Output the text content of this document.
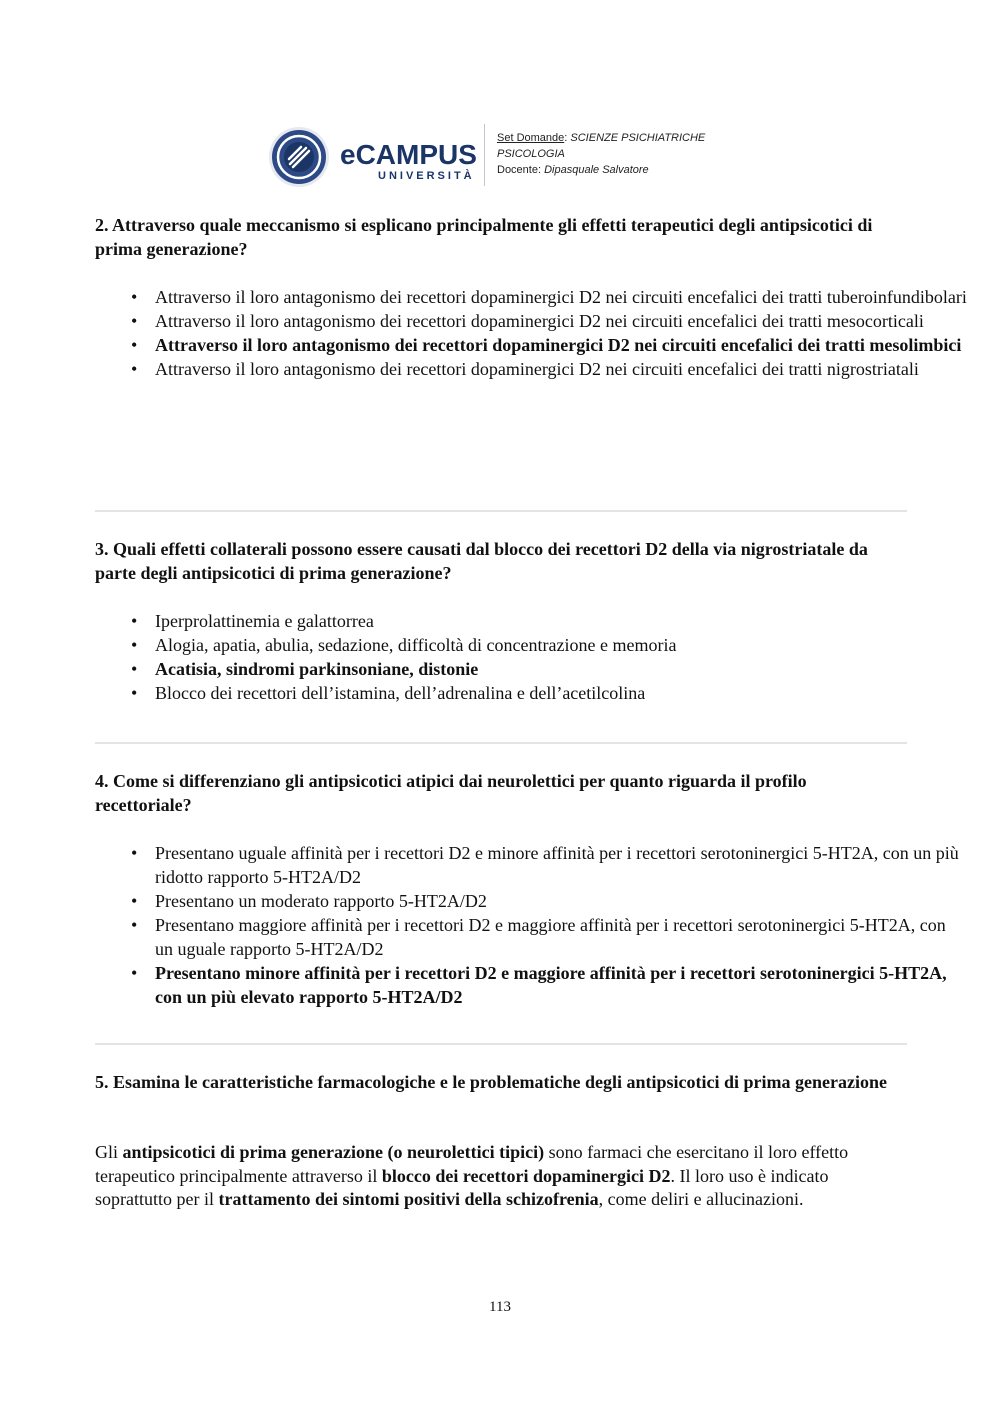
eCAMPUS
UNIVERSITÀ
Set Domande: SCIENZE PSICHIATRICHE
PSICOLOGIA
Docente: Dipasquale Salvatore

2. Attraverso quale meccanismo si esplicano principalmente gli effetti terapeutici degli antipsicotici di prima generazione?

• Attraverso il loro antagonismo dei recettori dopaminergici D2 nei circuiti encefalici dei tratti tuberoinfundibolari
• Attraverso il loro antagonismo dei recettori dopaminergici D2 nei circuiti encefalici dei tratti mesocorticali
• Attraverso il loro antagonismo dei recettori dopaminergici D2 nei circuiti encefalici dei tratti mesolimbici
• Attraverso il loro antagonismo dei recettori dopaminergici D2 nei circuiti encefalici dei tratti nigrostriatali

3. Quali effetti collaterali possono essere causati dal blocco dei recettori D2 della via nigrostriatale da parte degli antipsicotici di prima generazione?

• Iperprolattinemia e galattorrea
• Alogia, apatia, abulia, sedazione, difficoltà di concentrazione e memoria
• Acatisia, sindromi parkinsoniane, distonie
• Blocco dei recettori dell’istamina, dell’adrenalina e dell’acetilcolina

4. Come si differenziano gli antipsicotici atipici dai neurolettici per quanto riguarda il profilo recettoriale?

• Presentano uguale affinità per i recettori D2 e minore affinità per i recettori serotoninergici 5-HT2A, con un più ridotto rapporto 5-HT2A/D2
• Presentano un moderato rapporto 5-HT2A/D2
• Presentano maggiore affinità per i recettori D2 e maggiore affinità per i recettori serotoninergici 5-HT2A, con un uguale rapporto 5-HT2A/D2
• Presentano minore affinità per i recettori D2 e maggiore affinità per i recettori serotoninergici 5-HT2A, con un più elevato rapporto 5-HT2A/D2

5. Esamina le caratteristiche farmacologiche e le problematiche degli antipsicotici di prima generazione

Gli antipsicotici di prima generazione (o neurolettici tipici) sono farmaci che esercitano il loro effetto terapeutico principalmente attraverso il blocco dei recettori dopaminergici D2. Il loro uso è indicato soprattutto per il trattamento dei sintomi positivi della schizofrenia, come deliri e allucinazioni.

113
